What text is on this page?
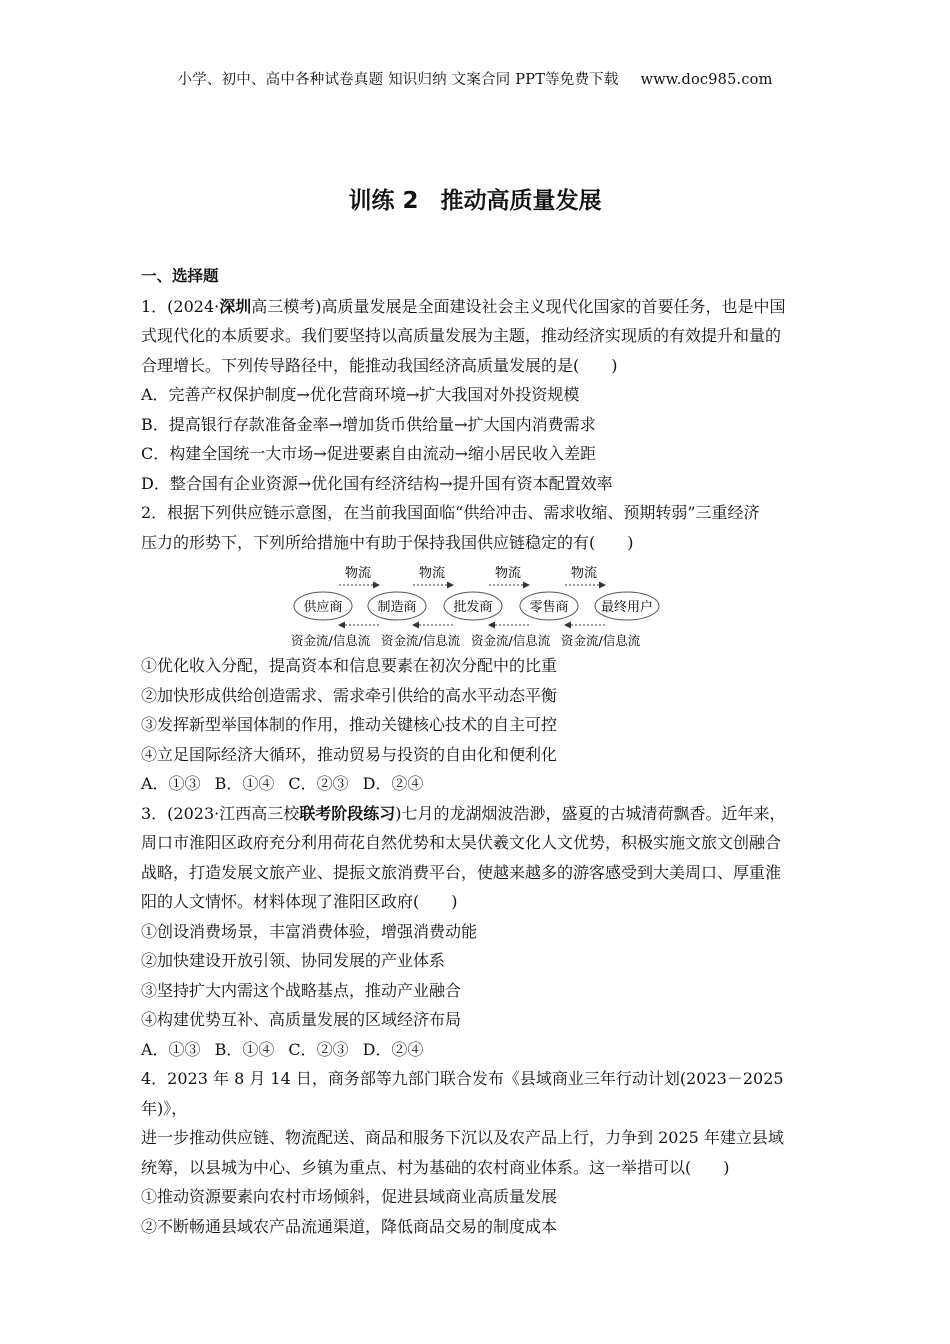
小学、初中、高中各种试卷真题 知识归纳 文案合同 PPT等免费下载 www.doc985.com
训练 2 推动高质量发展

一、选择题

1．(2024·深圳高三模考)高质量发展是全面建设社会主义现代化国家的首要任务，也是中国

式现代化的本质要求。我们要坚持以高质量发展为主题，推动经济实现质的有效提升和量的

合理增长。下列传导路径中，能推动我国经济高质量发展的是(　　)

A．完善产权保护制度→优化营商环境→扩大我国对外投资规模

B．提高银行存款准备金率→增加货币供给量→扩大国内消费需求

C．构建全国统一大市场→促进要素自由流动→缩小居民收入差距

D．整合国有企业资源→优化国有经济结构→提升国有资本配置效率

2．根据下列供应链示意图，在当前我国面临“供给冲击、需求收缩、预期转弱”三重经济

压力的形势下，下列所给措施中有助于保持我国供应链稳定的有(　　)

物流	物流	物流	物流
供应商	制造商	批发商	零售商 最终用户
资金流/信息流 资金流/信息流 资金流/信息流 资金流/信息流

①优化收入分配，提高资本和信息要素在初次分配中的比重

②加快形成供给创造需求、需求牵引供给的高水平动态平衡

③发挥新型举国体制的作用，推动关键核心技术的自主可控

④立足国际经济大循环，推动贸易与投资的自由化和便利化

A．①③ B．①④ C．②③ D．②④

3．(2023·江西高三校联考阶段练习)七月的龙湖烟波浩渺，盛夏的古城清荷飘香。近年来，

周口市淮阳区政府充分利用荷花自然优势和太昊伏羲文化人文优势，积极实施文旅文创融合

战略，打造发展文旅产业、提振文旅消费平台，使越来越多的游客感受到大美周口、厚重淮

阳的人文情怀。材料体现了淮阳区政府(　　)

①创设消费场景，丰富消费体验，增强消费动能

②加快建设开放引领、协同发展的产业体系

③坚持扩大内需这个战略基点，推动产业融合

④构建优势互补、高质量发展的区域经济布局

A．①③ B．①④ C．②③ D．②④

4．2023 年 8 月 14 日，商务部等九部门联合发布《县域商业三年行动计划(2023－2025 年)》，

进一步推动供应链、物流配送、商品和服务下沉以及农产品上行，力争到 2025 年建立县域

统筹，以县城为中心、乡镇为重点、村为基础的农村商业体系。这一举措可以(　　)

①推动资源要素向农村市场倾斜，促进县域商业高质量发展

②不断畅通县域农产品流通渠道，降低商品交易的制度成本
